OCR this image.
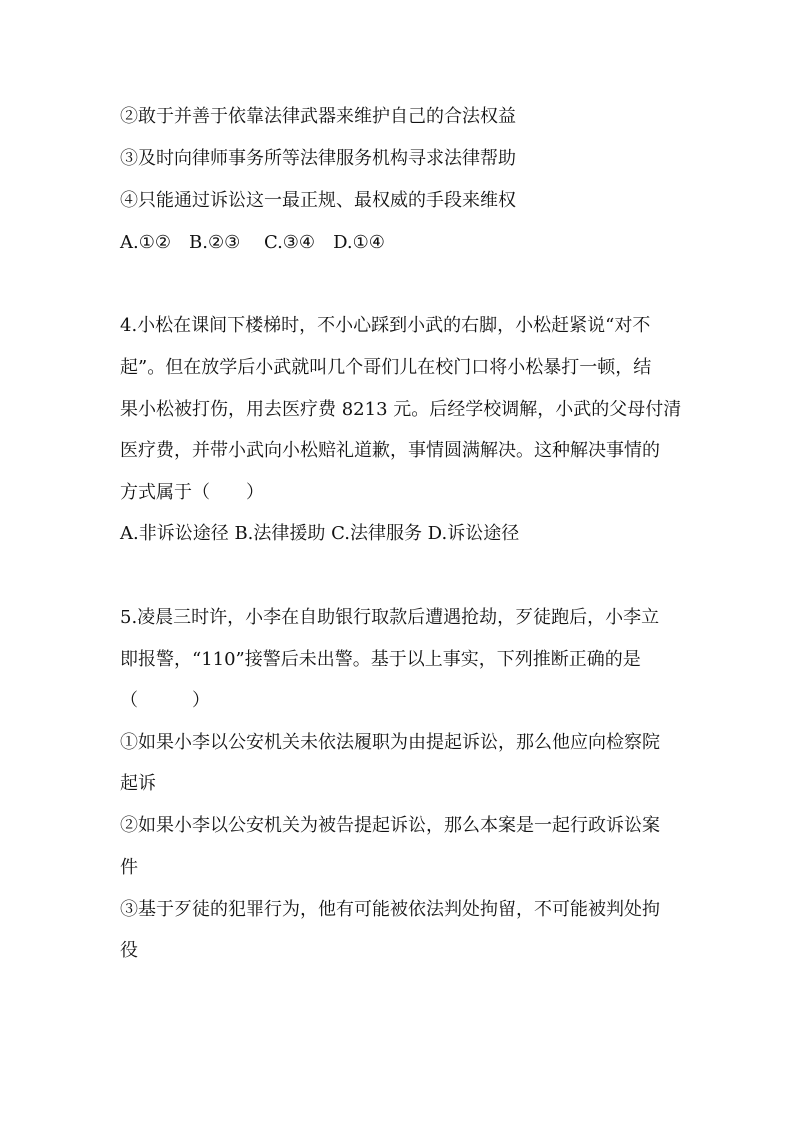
②敢于并善于依靠法律武器来维护自己的合法权益
③及时向律师事务所等法律服务机构寻求法律帮助
④只能通过诉讼这一最正规、最权威的手段来维权
A.①②　B.②③　 C.③④　D.①④
4.小松在课间下楼梯时，不小心踩到小武的右脚，小松赶紧说“对不
起”。但在放学后小武就叫几个哥们儿在校门口将小松暴打一顿，结
果小松被打伤，用去医疗费 8213 元。后经学校调解，小武的父母付清
医疗费，并带小武向小松赔礼道歉，事情圆满解决。这种解决事情的
方式属于（　　）
A.非诉讼途径 B.法律援助 C.法律服务 D.诉讼途径
5.凌晨三时许，小李在自助银行取款后遭遇抢劫，歹徒跑后，小李立
即报警，“110”接警后未出警。基于以上事实，下列推断正确的是
（　　　）
①如果小李以公安机关未依法履职为由提起诉讼，那么他应向检察院
起诉
②如果小李以公安机关为被告提起诉讼，那么本案是一起行政诉讼案
件
③基于歹徒的犯罪行为，他有可能被依法判处拘留，不可能被判处拘
役
